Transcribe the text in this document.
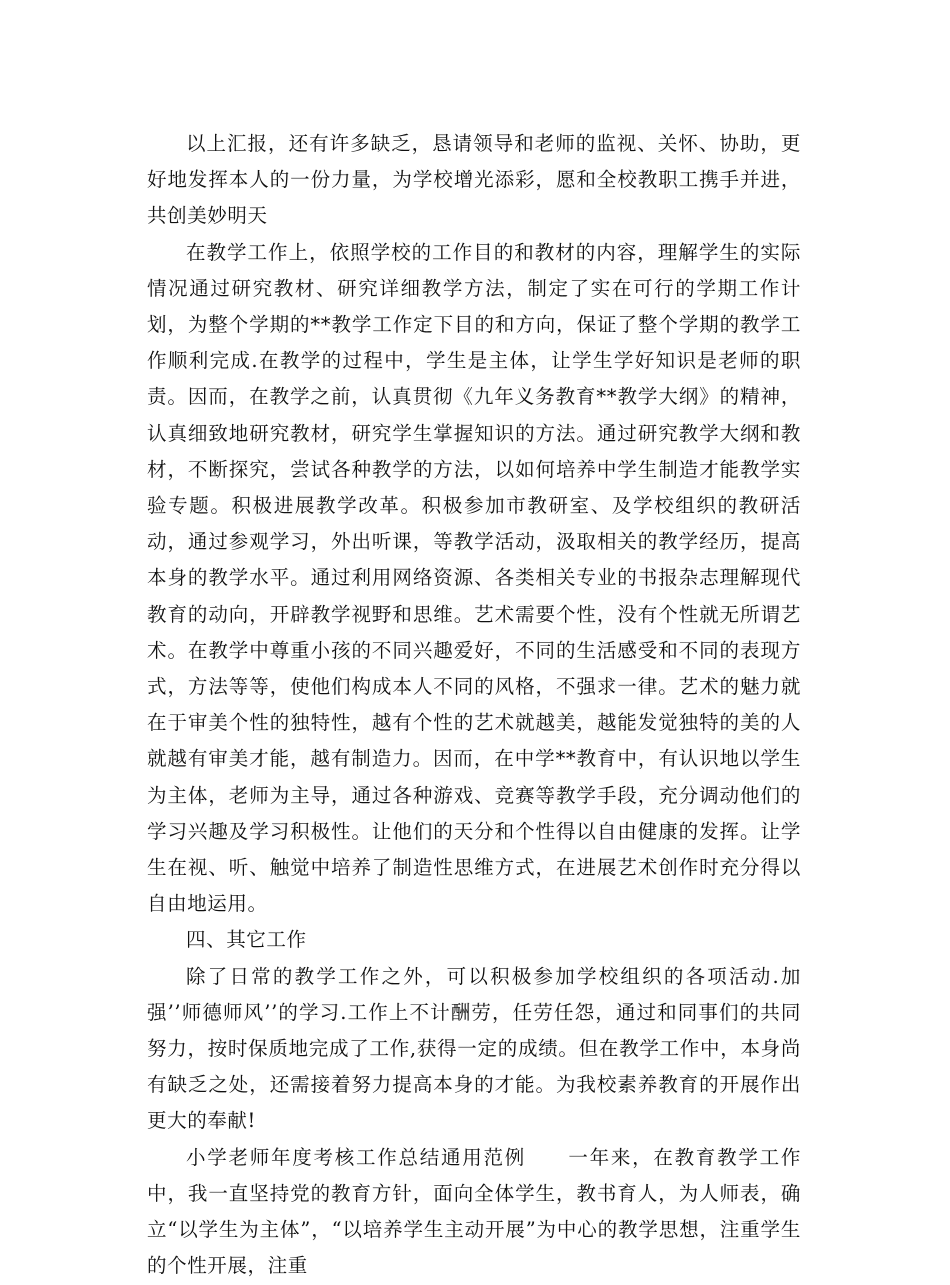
以上汇报，还有许多缺乏，恳请领导和老师的监视、关怀、协助，更好地发挥本人的一份力量，为学校增光添彩，愿和全校教职工携手并进，共创美妙明天

在教学工作上，依照学校的工作目的和教材的内容，理解学生的实际情况通过研究教材、研究详细教学方法，制定了实在可行的学期工作计划，为整个学期的**教学工作定下目的和方向，保证了整个学期的教学工作顺利完成.在教学的过程中，学生是主体，让学生学好知识是老师的职责。因而，在教学之前，认真贯彻《九年义务教育**教学大纲》的精神，认真细致地研究教材，研究学生掌握知识的方法。通过研究教学大纲和教材，不断探究，尝试各种教学的方法，以如何培养中学生制造才能教学实验专题。积极进展教学改革。积极参加市教研室、及学校组织的教研活动，通过参观学习，外出听课，等教学活动，汲取相关的教学经历，提高本身的教学水平。通过利用网络资源、各类相关专业的书报杂志理解现代教育的动向，开辟教学视野和思维。艺术需要个性，没有个性就无所谓艺术。在教学中尊重小孩的不同兴趣爱好，不同的生活感受和不同的表现方式，方法等等，使他们构成本人不同的风格，不强求一律。艺术的魅力就在于审美个性的独特性，越有个性的艺术就越美，越能发觉独特的美的人就越有审美才能，越有制造力。因而，在中学**教育中，有认识地以学生为主体，老师为主导，通过各种游戏、竞赛等教学手段，充分调动他们的学习兴趣及学习积极性。让他们的天分和个性得以自由健康的发挥。让学生在视、听、触觉中培养了制造性思维方式，在进展艺术创作时充分得以自由地运用。

四、其它工作

除了日常的教学工作之外，可以积极参加学校组织的各项活动.加强’’师德师风’’的学习.工作上不计酬劳，任劳任怨，通过和同事们的共同努力，按时保质地完成了工作,获得一定的成绩。但在教学工作中，本身尚有缺乏之处，还需接着努力提高本身的才能。为我校素养教育的开展作出更大的奉献!

小学老师年度考核工作总结通用范例　　一年来，在教育教学工作中，我一直坚持党的教育方针，面向全体学生，教书育人，为人师表，确立“以学生为主体”，“以培养学生主动开展”为中心的教学思想，注重学生的个性开展，注重
